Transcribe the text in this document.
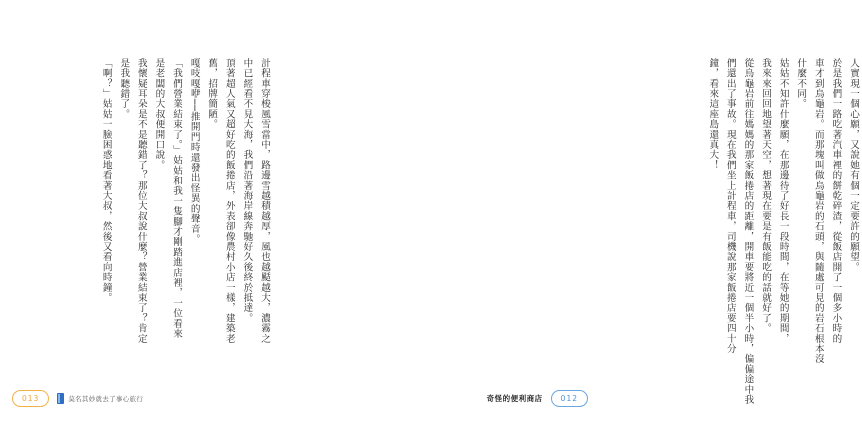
計程車穿梭風雪當中，路邊雪越積越厚，風也越颳越大，濃霧之
中已經看不見大海，我們沿著海岸線奔馳好久後終於抵達。
頂著超人氣又超好吃的飯捲店，外表卻像農村小店一樣，建築老
舊，招牌簡陋。
嘎吱嘎咿──推開門時還發出怪異的聲音。
「我們營業結束了。」姑姑和我一隻腳才剛踏進店裡，一位看來
是老闆的大叔便開口說。
我懷疑耳朵是不是聽錯了？那位大叔說什麼？營業結束了？肯定
是我聽錯了。
「啊？」姑姑一臉困惑地看著大叔，然後又看向時鐘。
013	莫名其妙就去了事心旅行
人實現一個心願，又說她有個一定要許的願望。
於是我們一路吃著汽車裡的餅乾碎渣，從飯店開了一個多小時的
車才到烏龜岩。而那塊叫做烏龜岩的石頭，與隨處可見的岩石根本沒
什麼不同。
姑姑不知許什麼願，在那邊待了好長一段時間，在等她的期間，
我來來回回地望著天空，想著現在要是有飯能吃的話就好了。
從烏龜岩前往媽媽的那家飯捲店的距離，開車要將近一個半小時，偏偏途中我
們還出了事故。現在我們坐上計程車，司機說那家飯捲店要四十分
鐘，看來這座島還真大！
奇怪的便利商店	012
